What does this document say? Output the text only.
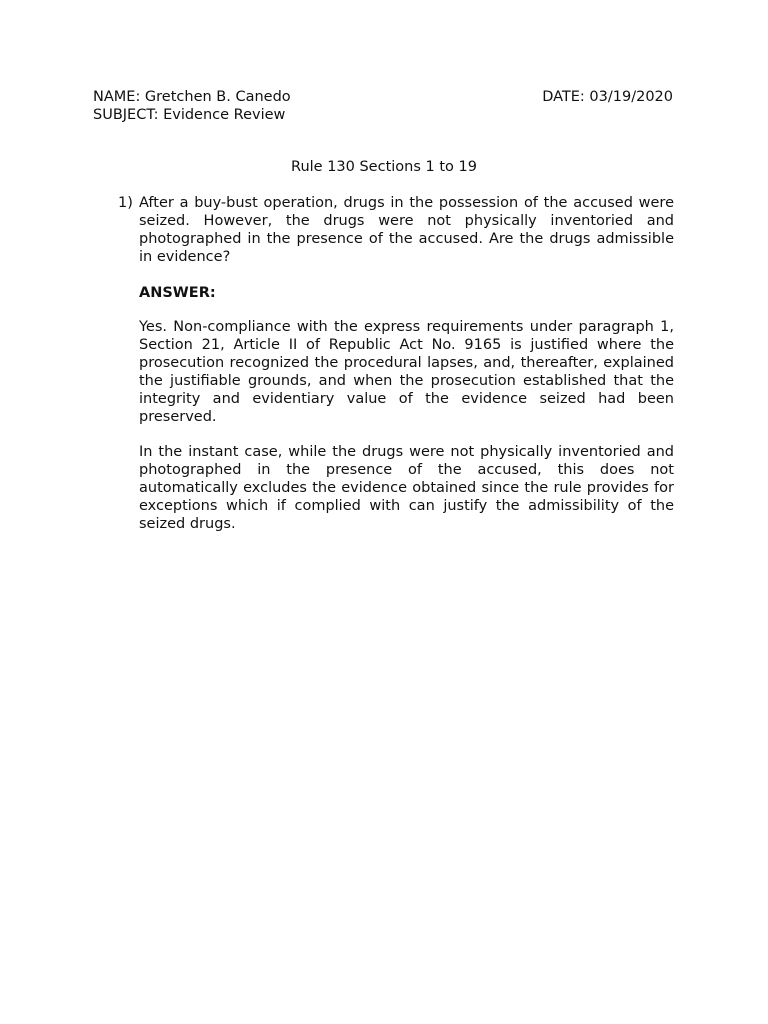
NAME: Gretchen B. Canedo	DATE: 03/19/2020
SUBJECT: Evidence Review
Rule 130 Sections 1 to 19
1) After a buy-bust operation, drugs in the possession of the accused were seized. However, the drugs were not physically inventoried and photographed in the presence of the accused. Are the drugs admissible in evidence?
ANSWER:
Yes. Non-compliance with the express requirements under paragraph 1, Section 21, Article II of Republic Act No. 9165 is justified where the prosecution recognized the procedural lapses, and, thereafter, explained the justifiable grounds, and when the prosecution established that the integrity and evidentiary value of the evidence seized had been preserved.
In the instant case, while the drugs were not physically inventoried and photographed in the presence of the accused, this does not automatically excludes the evidence obtained since the rule provides for exceptions which if complied with can justify the admissibility of the seized drugs.
